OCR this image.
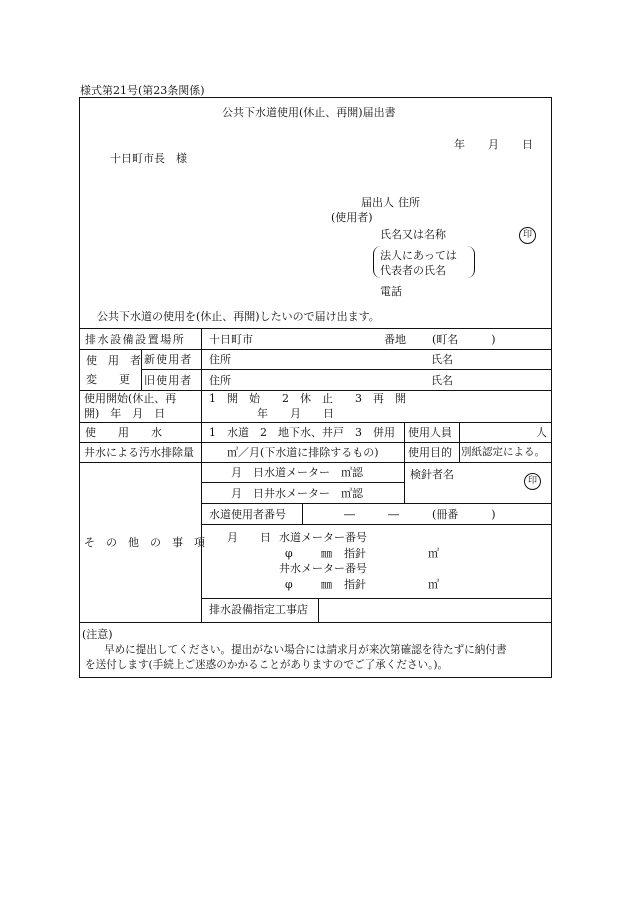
様式第21号(第23条関係)
公共下水道使用(休止、再開)届出書
年 月 日
十日町市長　様
届出人 住所
(使用者)
氏名又は名称	印
法人にあっては
代表者の氏名
電話
公共下水道の使用を(休止、再開)したいので届け出ます。
排水設備設置場所 十日町市	番地 (町名　　　)
使　用　者
変　　更
新使用者 住所	氏名
旧使用者 住所	氏名
使用開始(休止、再
開)　年　月　日
1　開　始　　2　休　止　　3　再　開
年　　月　　日
使　　用　　水	1　水道　2　地下水、井戸　3　併用 使用人員	人
井水による汚水排除量	㎥／月(下水道に排除するもの)	使用目的 別紙認定による。
そ　の　他　の　事　項
月　日水道メーター　㎥認
月　日井水メーター　㎥認
検針者名	印
水道使用者番号	―　　　―　　　(冊番　　　)
月　　日 水道メーター番号
φ	㎜ 指針	㎥
井水メーター番号
φ	㎜ 指針	㎥
排水設備指定工事店
(注意)
早めに提出してください。提出がない場合には請求月が来次第確認を待たずに納付書
を送付します(手続上ご迷惑のかかることがありますのでご了承ください。)。
